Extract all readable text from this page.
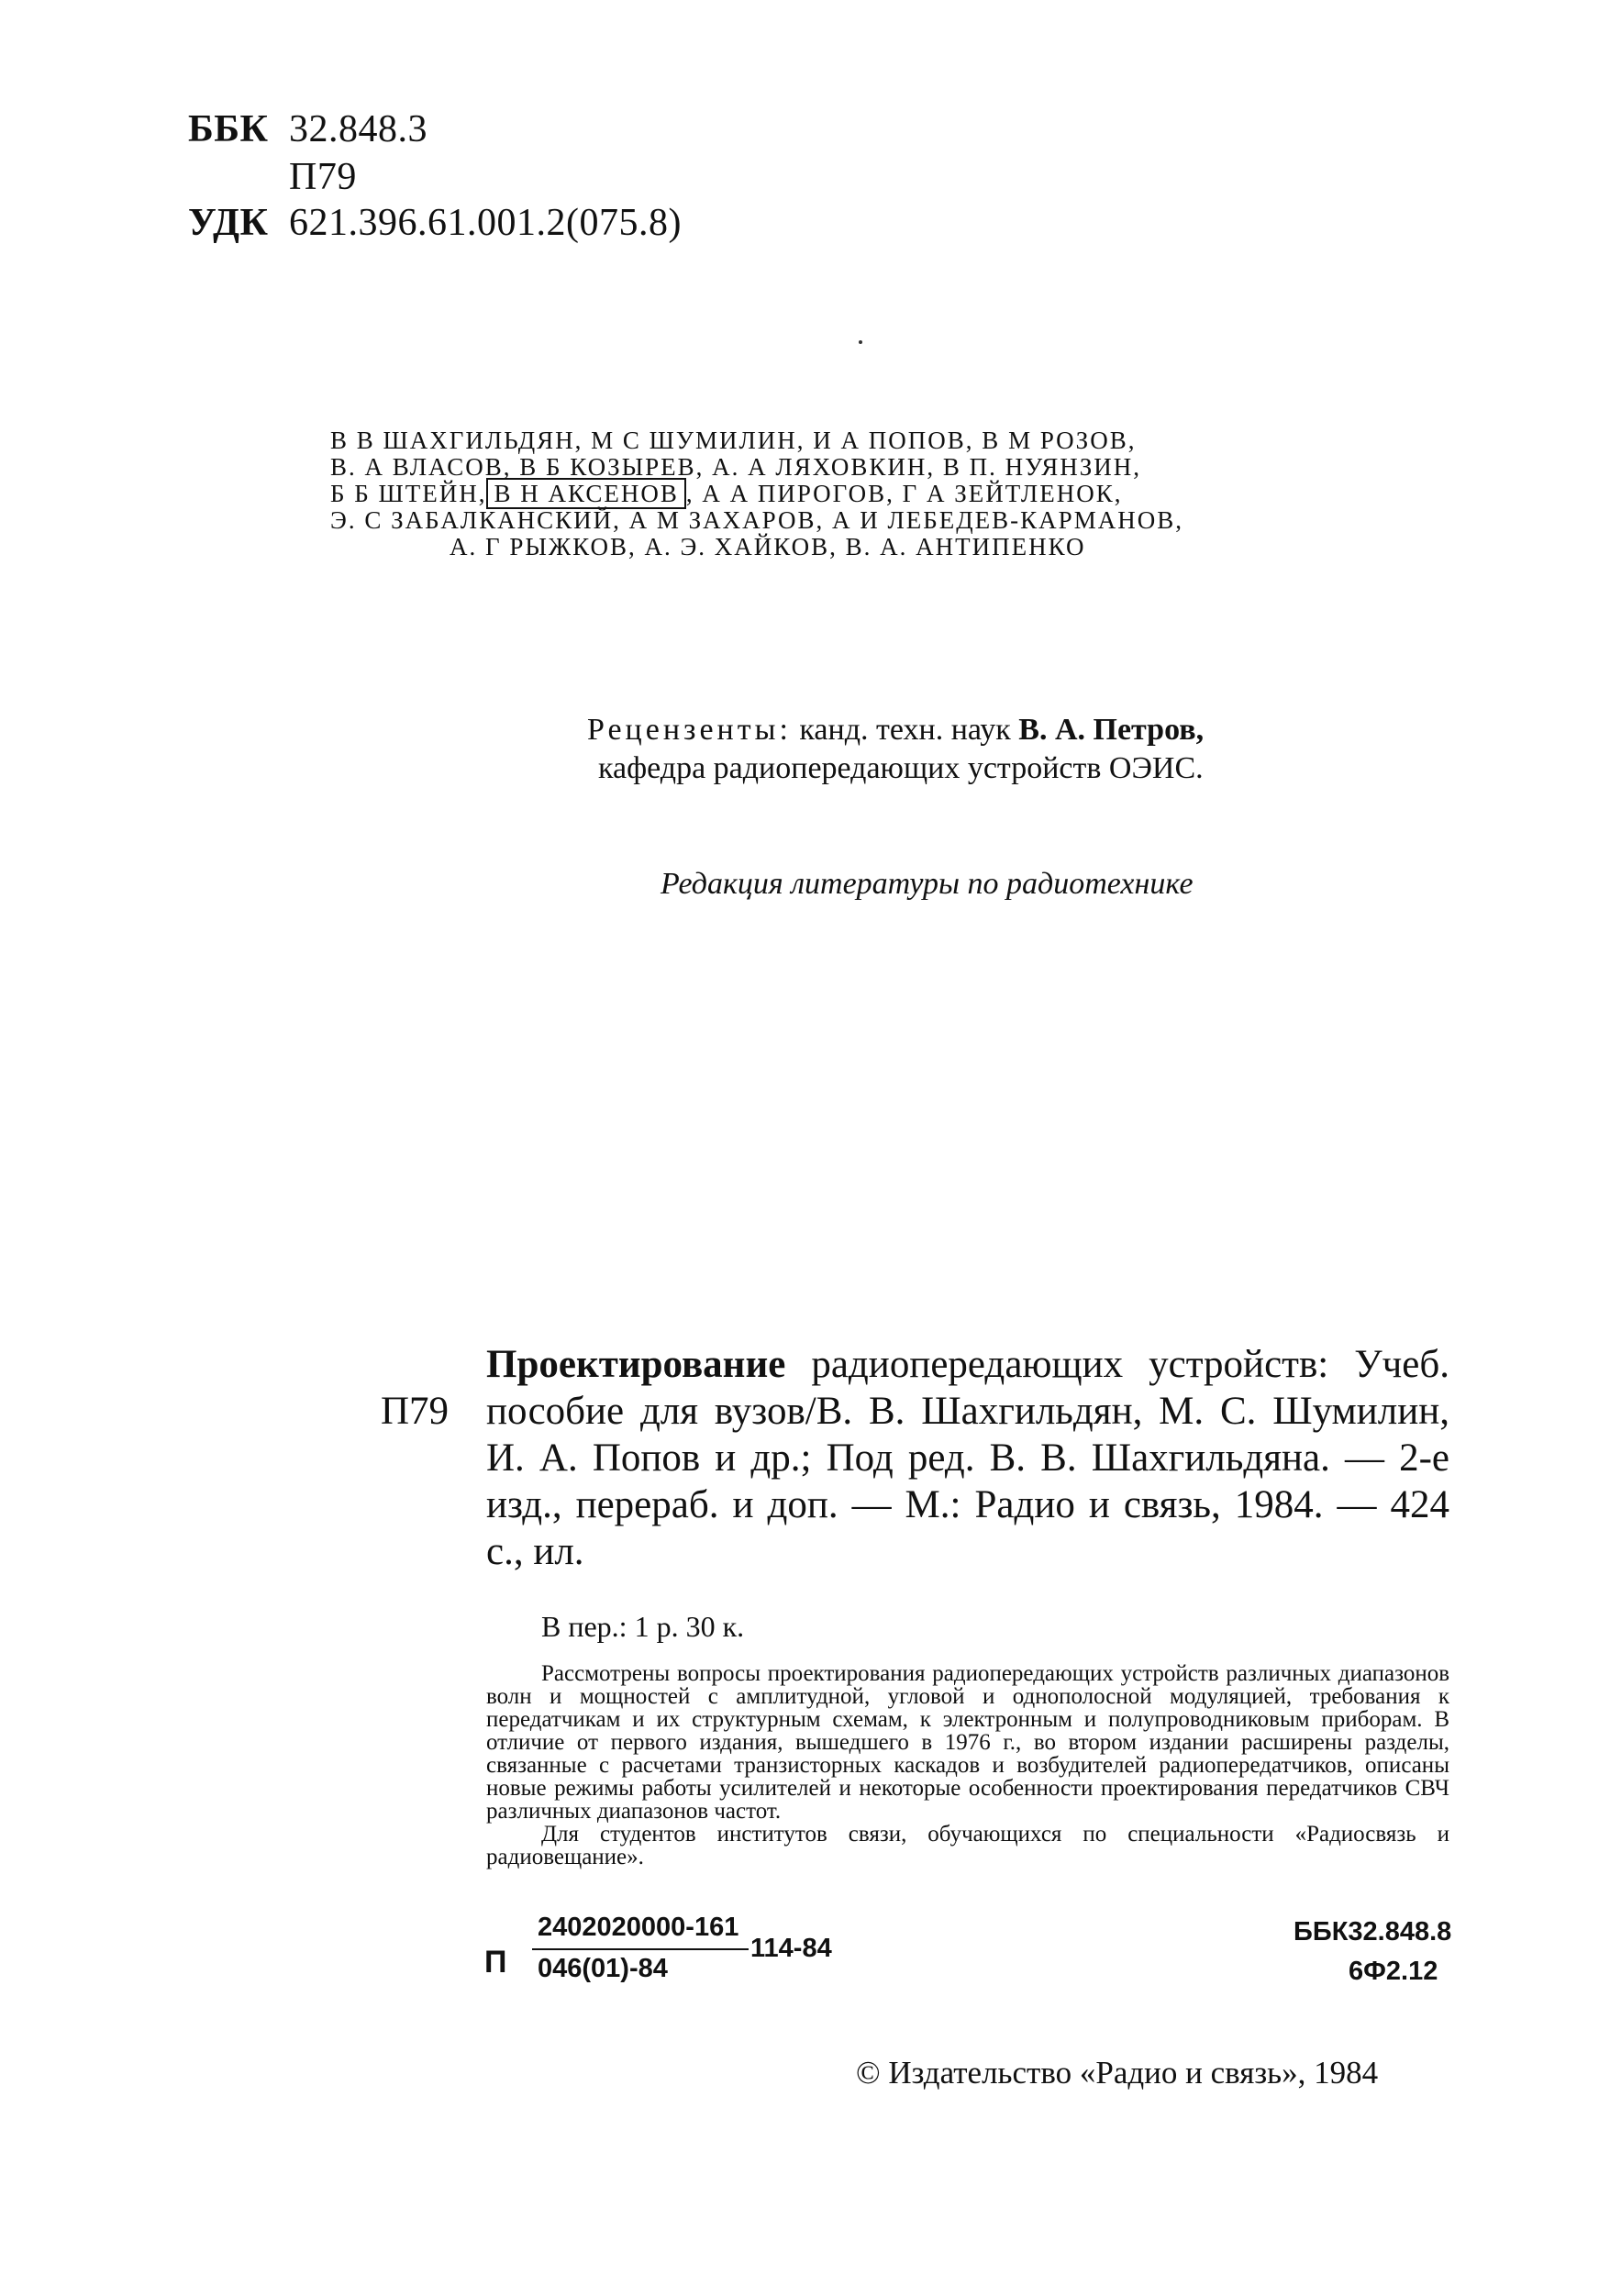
ББК 32.848.3
П79
УДК 621.396.61.001.2(075.8)
В В ШАХГИЛЬДЯН, М С ШУМИЛИН, И А ПОПОВ, В М РОЗОВ,
В. А ВЛАСОВ, В Б КОЗЫРЕВ, А. А ЛЯХОВКИН, В П. НУЯНЗИН,
Б Б ШТЕЙН, В Н АКСЕНОВ , А А ПИРОГОВ, Г А ЗЕЙТЛЕНОК,
Э. С ЗАБАЛКАНСКИЙ, А М ЗАХАРОВ, А И ЛЕБЕДЕВ-КАРМАНОВ,
А. Г РЫЖКОВ, А. Э. ХАЙКОВ, В. А. АНТИПЕНКО
Рецензенты: канд. техн. наук В. А. Петров,
кафедра радиопередающих устройств ОЭИС.
Редакция литературы по радиотехнике
П79
Проектирование радиопередающих устройств: Учеб. пособие для вузов/В. В. Шахгильдян, М. С. Шумилин, И. А. Попов и др.; Под ред. В. В. Шахгильдяна. — 2-е изд., перераб. и доп. — М.: Радио и связь, 1984. — 424 с., ил.
В пер.: 1 р. 30 к.

Рассмотрены вопросы проектирования радиопередающих устройств различных диапазонов волн и мощностей с амплитудной, угловой и однополосной модуляцией, требования к передатчикам и их структурным схемам, к электронным и полупроводниковым приборам. В отличие от первого издания, вышедшего в 1976 г., во втором издании расширены разделы, связанные с расчетами транзисторных каскадов и возбудителей радиопередатчиков, описаны новые режимы работы усилителей и некоторые особенности проектирования передатчиков СВЧ различных диапазонов частот.

Для студентов институтов связи, обучающихся по специальности «Радиосвязь и радиовещание».

П
2402020000-161
046(01)-84
114-84
ББК32.848.8
6Ф2.12
© Издательство «Радио и связь», 1984
